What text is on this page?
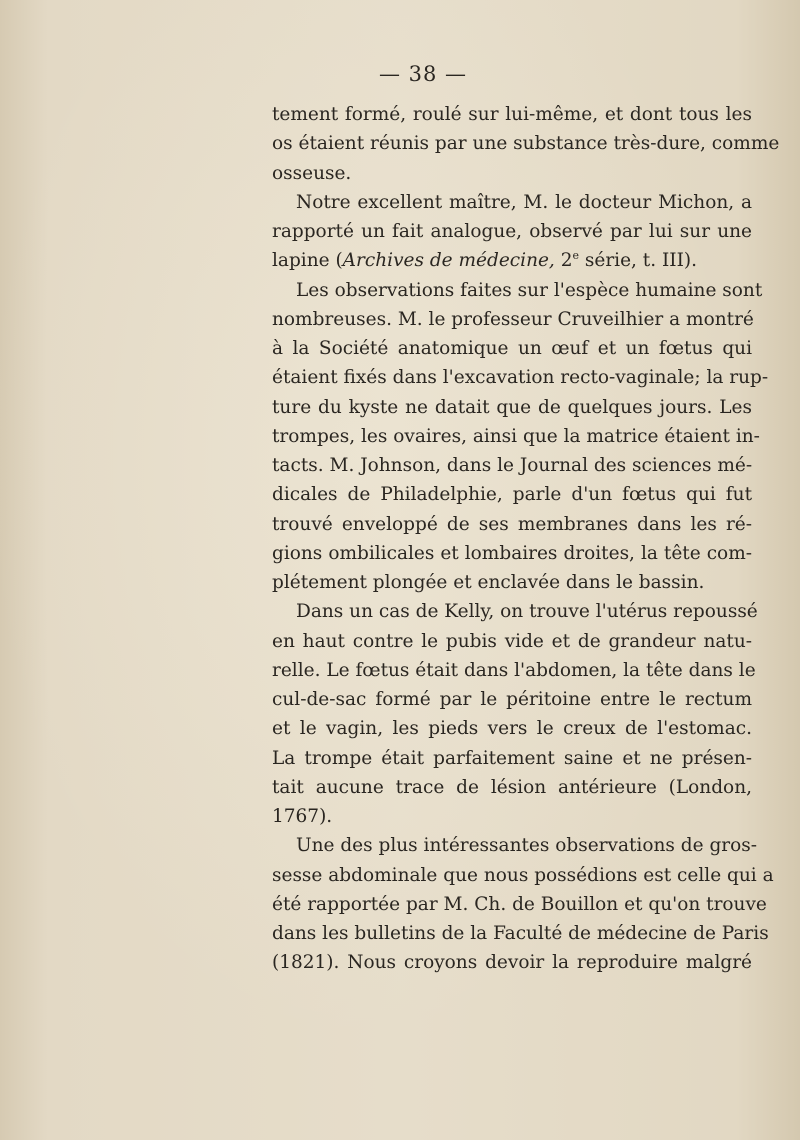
— 38 —
tement formé, roulé sur lui-même, et dont tous les
os étaient réunis par une substance très-dure, comme
osseuse.
Notre excellent maître, M. le docteur Michon, a
rapporté un fait analogue, observé par lui sur une
lapine (Archives de médecine, 2e série, t. III).
Les observations faites sur l'espèce humaine sont
nombreuses. M. le professeur Cruveilhier a montré
à la Société anatomique un œuf et un fœtus qui
étaient fixés dans l'excavation recto-vaginale; la rup-
ture du kyste ne datait que de quelques jours. Les
trompes, les ovaires, ainsi que la matrice étaient in-
tacts. M. Johnson, dans le Journal des sciences mé-
dicales de Philadelphie, parle d'un fœtus qui fut
trouvé enveloppé de ses membranes dans les ré-
gions ombilicales et lombaires droites, la tête com-
plétement plongée et enclavée dans le bassin.
Dans un cas de Kelly, on trouve l'utérus repoussé
en haut contre le pubis vide et de grandeur natu-
relle. Le fœtus était dans l'abdomen, la tête dans le
cul-de-sac formé par le péritoine entre le rectum
et le vagin, les pieds vers le creux de l'estomac.
La trompe était parfaitement saine et ne présen-
tait aucune trace de lésion antérieure (London,
1767).
Une des plus intéressantes observations de gros-
sesse abdominale que nous possédions est celle qui a
été rapportée par M. Ch. de Bouillon et qu'on trouve
dans les bulletins de la Faculté de médecine de Paris
(1821). Nous croyons devoir la reproduire malgré
